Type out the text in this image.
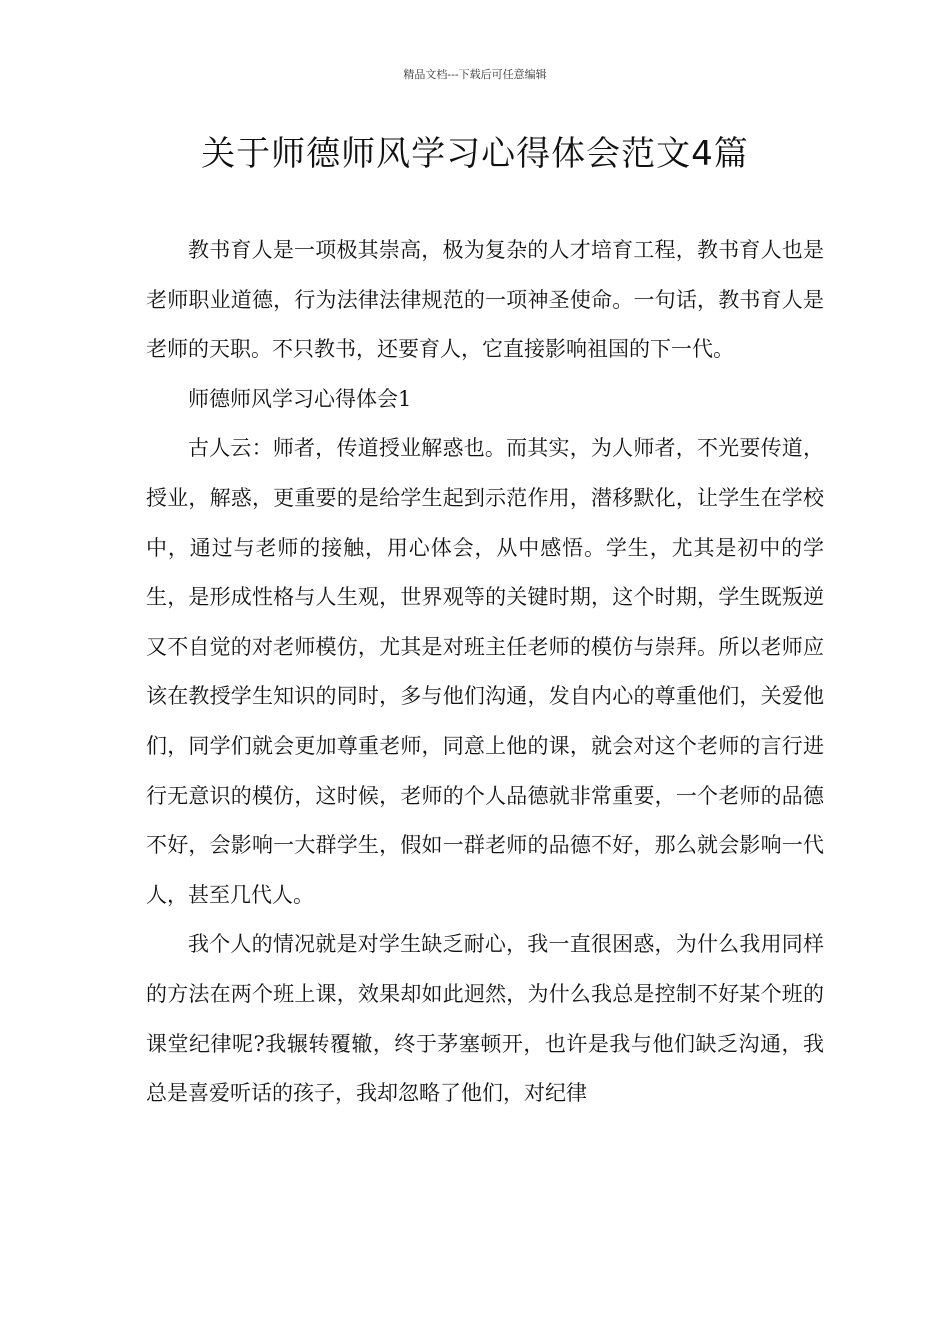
精品文档---下载后可任意编辑
关于师德师风学习心得体会范文4篇

教书育人是一项极其崇高，极为复杂的人才培育工程，教书育人也是老师职业道德，行为法律法律规范的一项神圣使命。一句话，教书育人是老师的天职。不只教书，还要育人，它直接影响祖国的下一代。

师德师风学习心得体会1

古人云：师者，传道授业解惑也。而其实，为人师者，不光要传道，授业，解惑，更重要的是给学生起到示范作用，潜移默化，让学生在学校中，通过与老师的接触，用心体会，从中感悟。学生，尤其是初中的学生，是形成性格与人生观，世界观等的关键时期，这个时期，学生既叛逆又不自觉的对老师模仿，尤其是对班主任老师的模仿与崇拜。所以老师应该在教授学生知识的同时，多与他们沟通，发自内心的尊重他们，关爱他们，同学们就会更加尊重老师，同意上他的课，就会对这个老师的言行进行无意识的模仿，这时候，老师的个人品德就非常重要，一个老师的品德不好，会影响一大群学生，假如一群老师的品德不好，那么就会影响一代人，甚至几代人。

我个人的情况就是对学生缺乏耐心，我一直很困惑，为什么我用同样的方法在两个班上课，效果却如此迥然，为什么我总是控制不好某个班的课堂纪律呢?我辗转覆辙，终于茅塞顿开，也许是我与他们缺乏沟通，我总是喜爱听话的孩子，我却忽略了他们，对纪律
